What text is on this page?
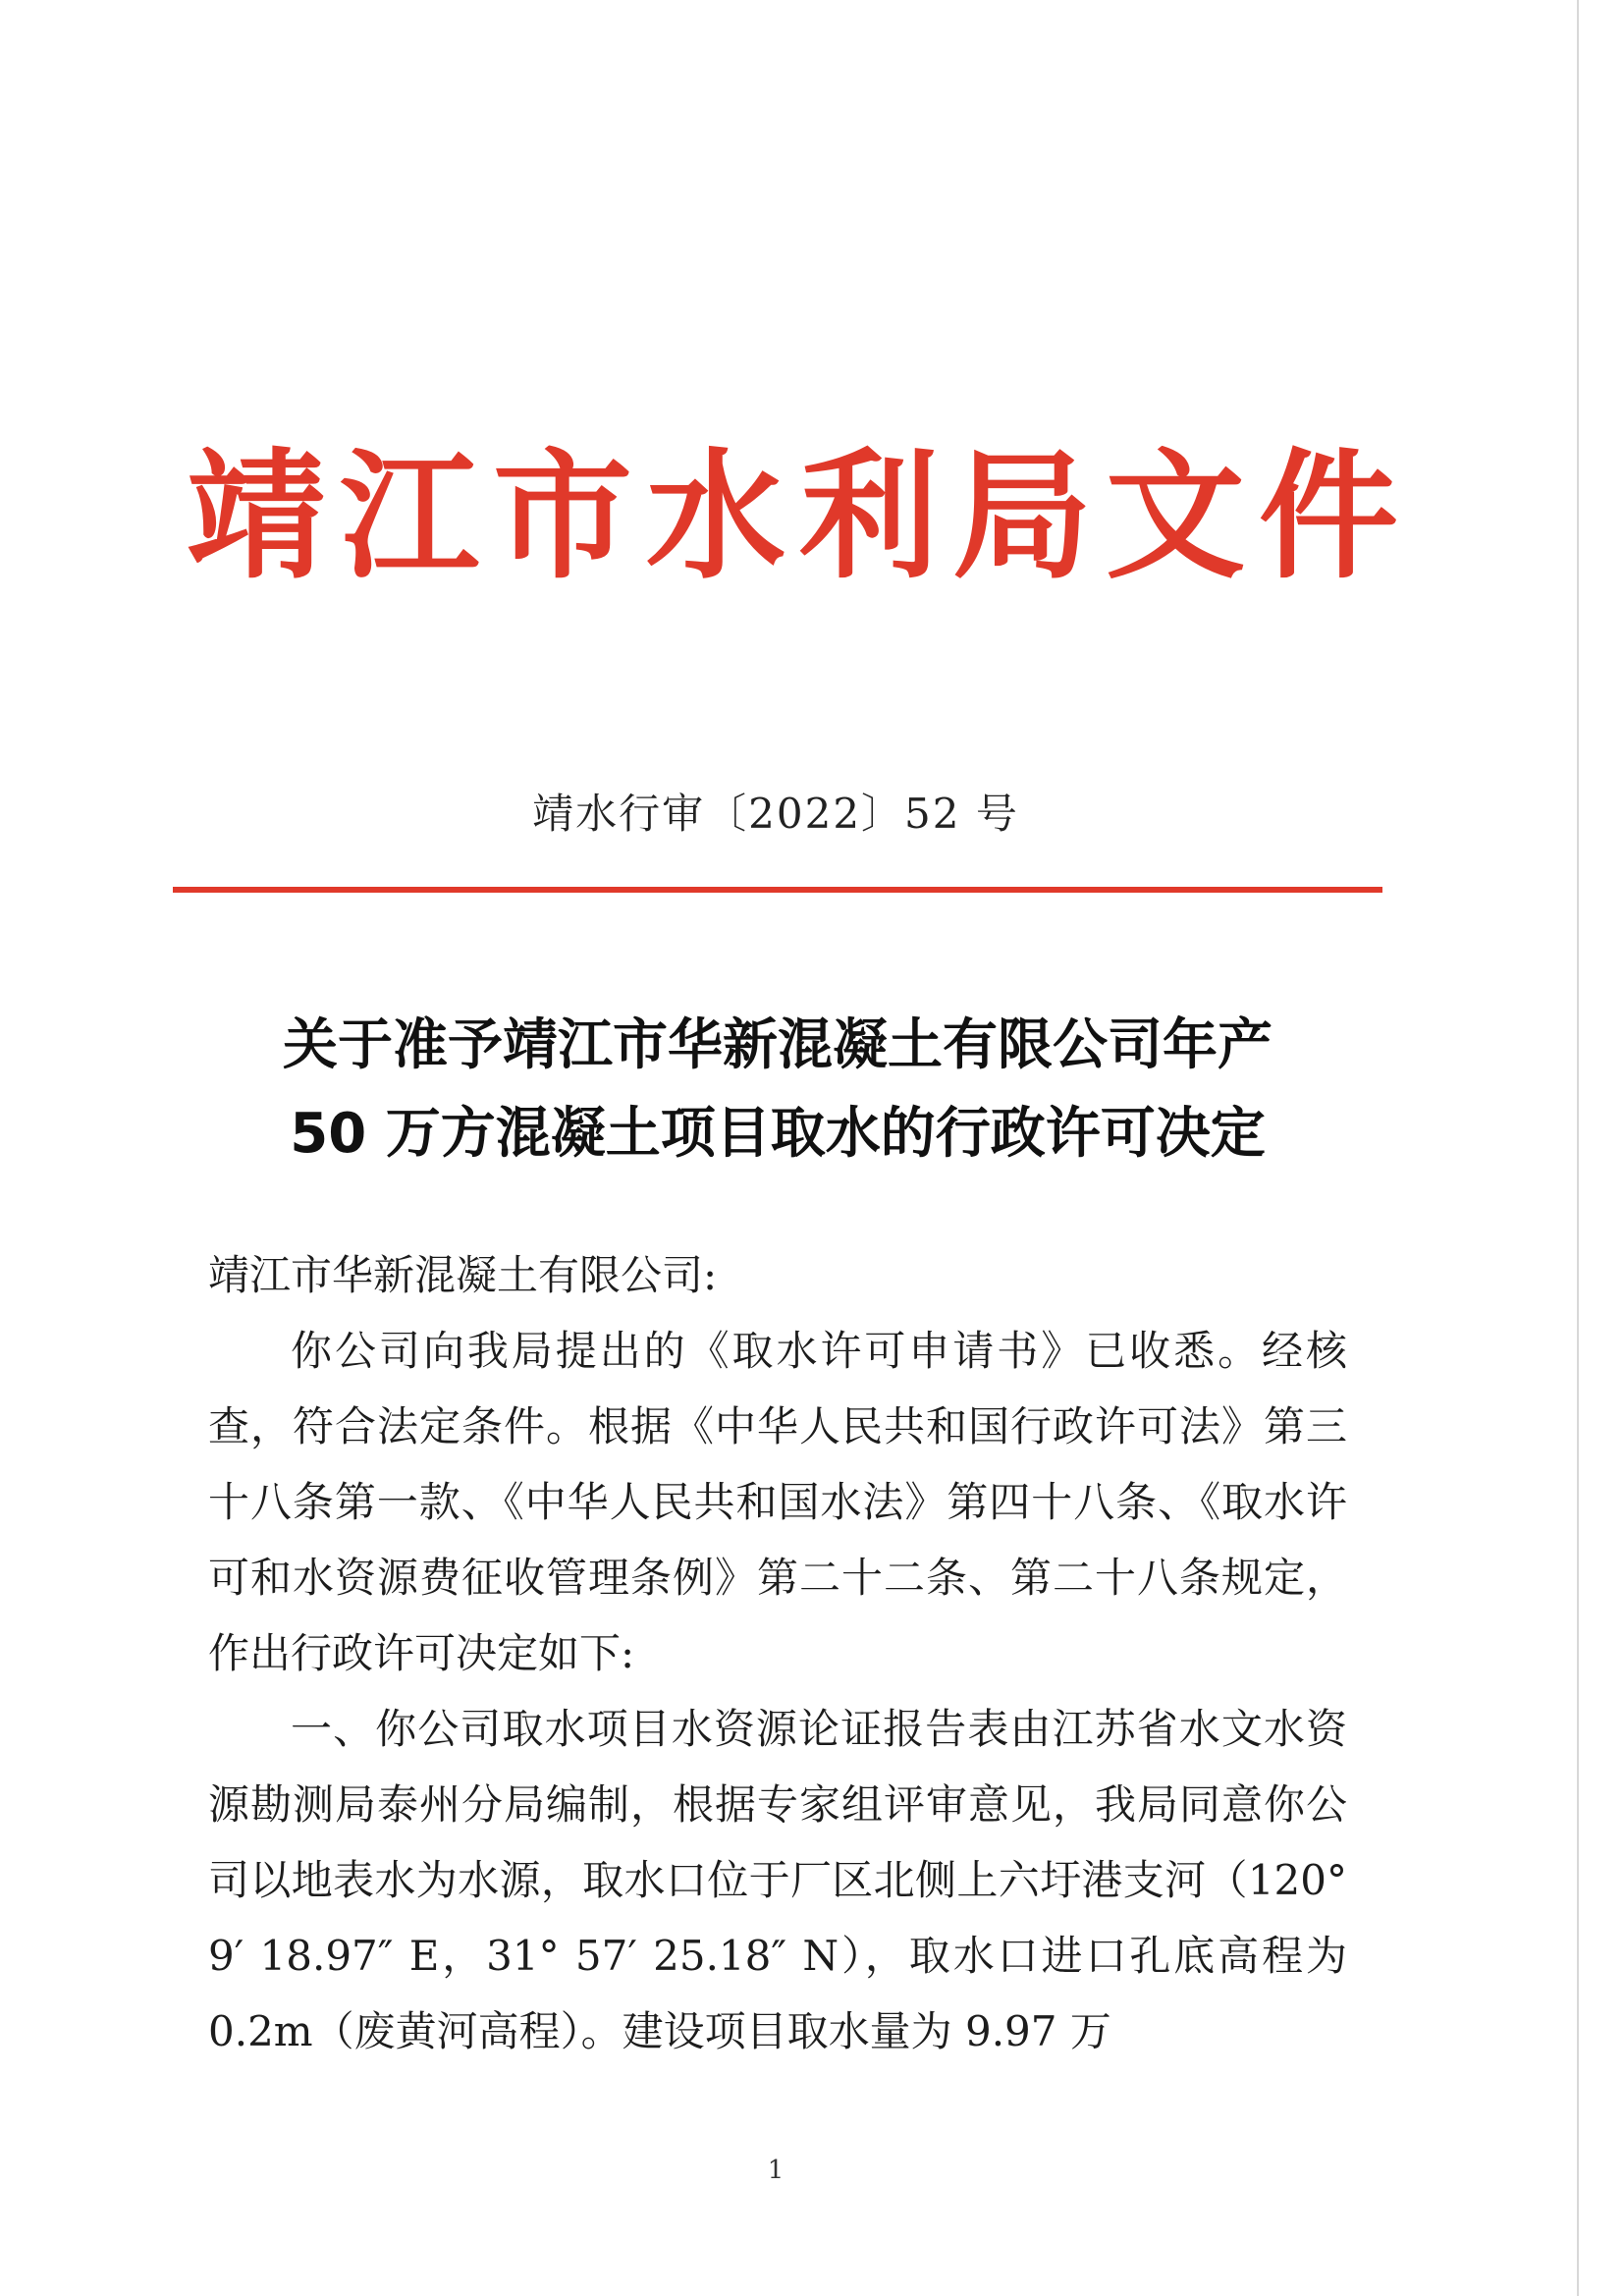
靖江市水利局文件
靖水行审〔2022〕52 号
关于准予靖江市华新混凝土有限公司年产
50 万方混凝土项目取水的行政许可决定

靖江市华新混凝土有限公司:

你公司向我局提出的《取水许可申请书》已收悉。经核查，符合法定条件。根据《中华人民共和国行政许可法》第三十八条第一款、《中华人民共和国水法》第四十八条、《取水许可和水资源费征收管理条例》第二十二条、第二十八条规定，作出行政许可决定如下:

一、你公司取水项目水资源论证报告表由江苏省水文水资源勘测局泰州分局编制，根据专家组评审意见，我局同意你公司以地表水为水源，取水口位于厂区北侧上六圩港支河（120° 9′ 18.97″ E，31° 57′ 25.18″ N），取水口进口孔底高程为 0.2m（废黄河高程）。建设项目取水量为 9.97 万

1
